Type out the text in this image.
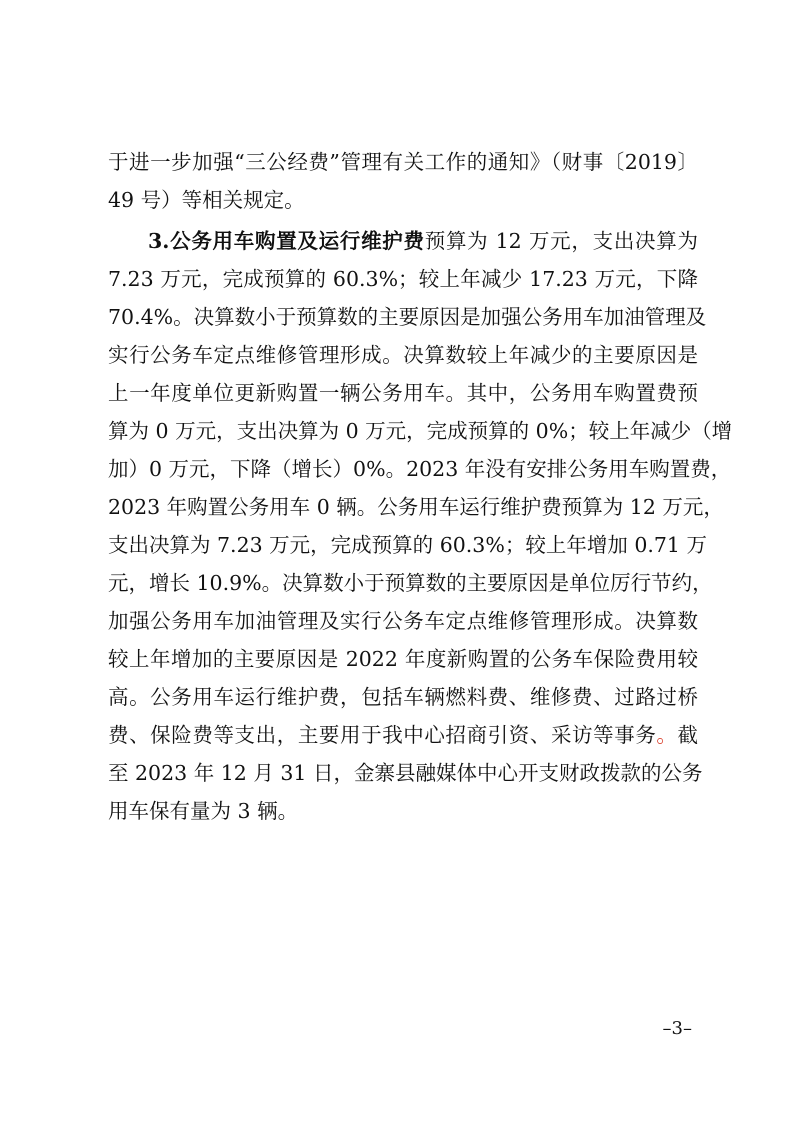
于进一步加强“三公经费”管理有关工作的通知》（财事〔2019〕
49 号）等相关规定。
3.公务用车购置及运行维护费预算为 12 万元，支出决算为
7.23 万元，完成预算的 60.3%；较上年减少 17.23 万元，下降
70.4%。决算数小于预算数的主要原因是加强公务用车加油管理及
实行公务车定点维修管理形成。决算数较上年减少的主要原因是
上一年度单位更新购置一辆公务用车。其中，公务用车购置费预
算为 0 万元，支出决算为 0 万元，完成预算的 0%；较上年减少（增
加）0 万元，下降（增长）0%。2023 年没有安排公务用车购置费，
2023 年购置公务用车 0 辆。公务用车运行维护费预算为 12 万元，
支出决算为 7.23 万元，完成预算的 60.3%；较上年增加 0.71 万
元，增长 10.9%。决算数小于预算数的主要原因是单位厉行节约，
加强公务用车加油管理及实行公务车定点维修管理形成。决算数
较上年增加的主要原因是 2022 年度新购置的公务车保险费用较
高。公务用车运行维护费，包括车辆燃料费、维修费、过路过桥
费、保险费等支出，主要用于我中心招商引资、采访等事务。截
至 2023 年 12 月 31 日，金寨县融媒体中心开支财政拨款的公务
用车保有量为 3 辆。
–3–
